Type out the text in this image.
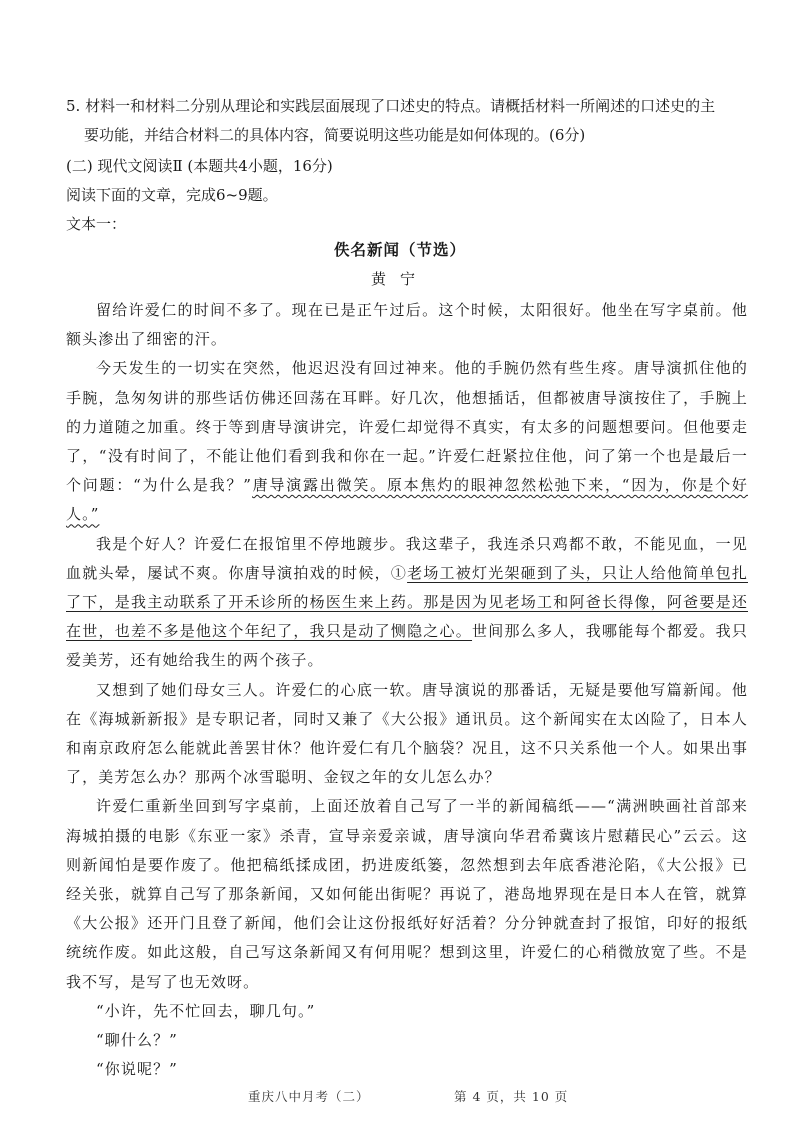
5. 材料一和材料二分别从理论和实践层面展现了口述史的特点。请概括材料一所阐述的口述史的主
要功能，并结合材料二的具体内容，简要说明这些功能是如何体现的。(6分)
(二) 现代文阅读Ⅱ (本题共4小题，16分)
阅读下面的文章，完成6~9题。
文本一：
佚名新闻（节选）
黄宁

留给许爱仁的时间不多了。现在已是正午过后。这个时候，太阳很好。他坐在写字桌前。他额头渗出了细密的汗。

今天发生的一切实在突然，他迟迟没有回过神来。他的手腕仍然有些生疼。唐导演抓住他的手腕，急匆匆讲的那些话仿佛还回荡在耳畔。好几次，他想插话，但都被唐导演按住了，手腕上的力道随之加重。终于等到唐导演讲完，许爱仁却觉得不真实，有太多的问题想要问。但他要走了，“没有时间了，不能让他们看到我和你在一起。”许爱仁赶紧拉住他，问了第一个也是最后一个问题：“为什么是我？”唐导演露出微笑。原本焦灼的眼神忽然松弛下来，“因为，你是个好人。”

我是个好人？许爱仁在报馆里不停地踱步。我这辈子，我连杀只鸡都不敢，不能见血，一见血就头晕，屡试不爽。你唐导演拍戏的时候，①老场工被灯光架砸到了头，只让人给他简单包扎了下，是我主动联系了开禾诊所的杨医生来上药。那是因为见老场工和阿爸长得像，阿爸要是还在世，也差不多是他这个年纪了，我只是动了恻隐之心。世间那么多人，我哪能每个都爱。我只爱美芳，还有她给我生的两个孩子。

又想到了她们母女三人。许爱仁的心底一软。唐导演说的那番话，无疑是要他写篇新闻。他在《海城新新报》是专职记者，同时又兼了《大公报》通讯员。这个新闻实在太凶险了，日本人和南京政府怎么能就此善罢甘休？他许爱仁有几个脑袋？况且，这不只关系他一个人。如果出事了，美芳怎么办？那两个冰雪聪明、金钗之年的女儿怎么办？

许爱仁重新坐回到写字桌前，上面还放着自己写了一半的新闻稿纸——“满洲映画社首部来海城拍摄的电影《东亚一家》杀青，宣导亲爱亲诚，唐导演向华君希冀该片慰藉民心”云云。这则新闻怕是要作废了。他把稿纸揉成团，扔进废纸篓，忽然想到去年底香港沦陷，《大公报》已经关张，就算自己写了那条新闻，又如何能出街呢？再说了，港岛地界现在是日本人在管，就算《大公报》还开门且登了新闻，他们会让这份报纸好好活着？分分钟就查封了报馆，印好的报纸统统作废。如此这般，自己写这条新闻又有何用呢？想到这里，许爱仁的心稍微放宽了些。不是我不写，是写了也无效呀。

“小许，先不忙回去，聊几句。”

“聊什么？”

“你说呢？”

重庆八中月考（二）	第 4 页，共 10 页
